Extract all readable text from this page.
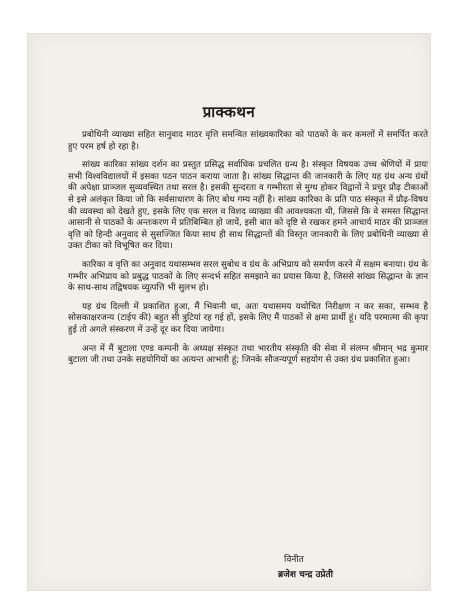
प्राक्कथन

प्रबोधिनी व्याख्या सहित सानुवाद माठर वृत्ति समन्वित सांख्यकारिका को पाठकों के कर कमलों में समर्पित करते हुए परम हर्ष हो रहा है।

सांख्य कारिका सांख्य दर्शन का प्रस्तुत प्रसिद्ध सर्वाधिक प्रचलित ग्रन्थ है। संस्कृत विषयक उच्च श्रेणियों में प्रायः सभी विश्वविद्यालयों में इसका पठन पाठन कराया जाता है। सांख्य सिद्धान्त की जानकारी के लिए यह ग्रंथ अन्य ग्रंथों की अपेक्षा प्राञ्जल सुव्यवस्थित तथा सरल है। इसकी सुन्दरता व गम्भीरता से मुग्ध होकर विद्वानों ने प्रचुर प्रौढ़ टीकाओं से इसे अलंकृत किया जो कि सर्वसाधारण के लिए बोध गम्य नहीं है। सांख्य कारिका के प्रति पाठ संस्कृत में प्रौढ़-विषय की व्यवस्था को देखते हुए, इसके लिए एक सरल व विशद व्याख्या की आवश्यकता थी, जिससे कि वे समस्त सिद्धान्त आसानी से पाठकों के अन्तःकरण में प्रतिबिम्बित हो जायें, इसी बात को दृष्टि से रखकर हमने आचार्य माठर की प्राञ्जल वृत्ति को हिन्दी अनुवाद से सुसज्जित किया साथ ही साथ सिद्धान्तों की विस्तृत जानकारी के लिए प्रबोधिनी व्याख्या से उक्त टीका को विभूषित कर दिया।

कारिका व वृत्ति का अनुवाद यथासम्भव सरल सुबोध व ग्रंथ के अभिप्राय को समर्पण करने में सक्षम बनाया। ग्रंथ के गम्भीर अभिप्राय को प्रबुद्ध पाठकों के लिए सन्दर्भ सहित समझाने का प्रयास किया है, जिससे सांख्य सिद्धान्त के ज्ञान के साथ-साथ तद्विषयक व्युत्पत्ति भी सुलभ हो।

यह ग्रंथ दिल्ली में प्रकाशित हुआ, मैं भिवानी था, अतः यथासमय यथोचित निरीक्षण न कर सका, सम्भव है सोसकाक्षरजन्य (टाईप की) बहुत सी त्रुटियां रह गई हों, इसके लिए मैं पाठकों से क्षमा प्रार्थी हूं। यदि परमात्मा की कृपा हुई तो अगले संस्करण में उन्हें दूर कर दिया जायेगा।

अन्त में मैं बुटाला एण्ड कम्पनी के अध्यक्ष संस्कृत तथा भारतीय संस्कृति की सेवा में संलग्न श्रीमान् भद्र कुमार बुटाला जी तथा उनके सहयोगियों का अत्यन्त आभारी हूं; जिनके सौजन्यपूर्ण सहयोग से उक्त ग्रंथ प्रकाशित हुआ।

विनीत
ब्रजेश चन्द्र उप्रेती
